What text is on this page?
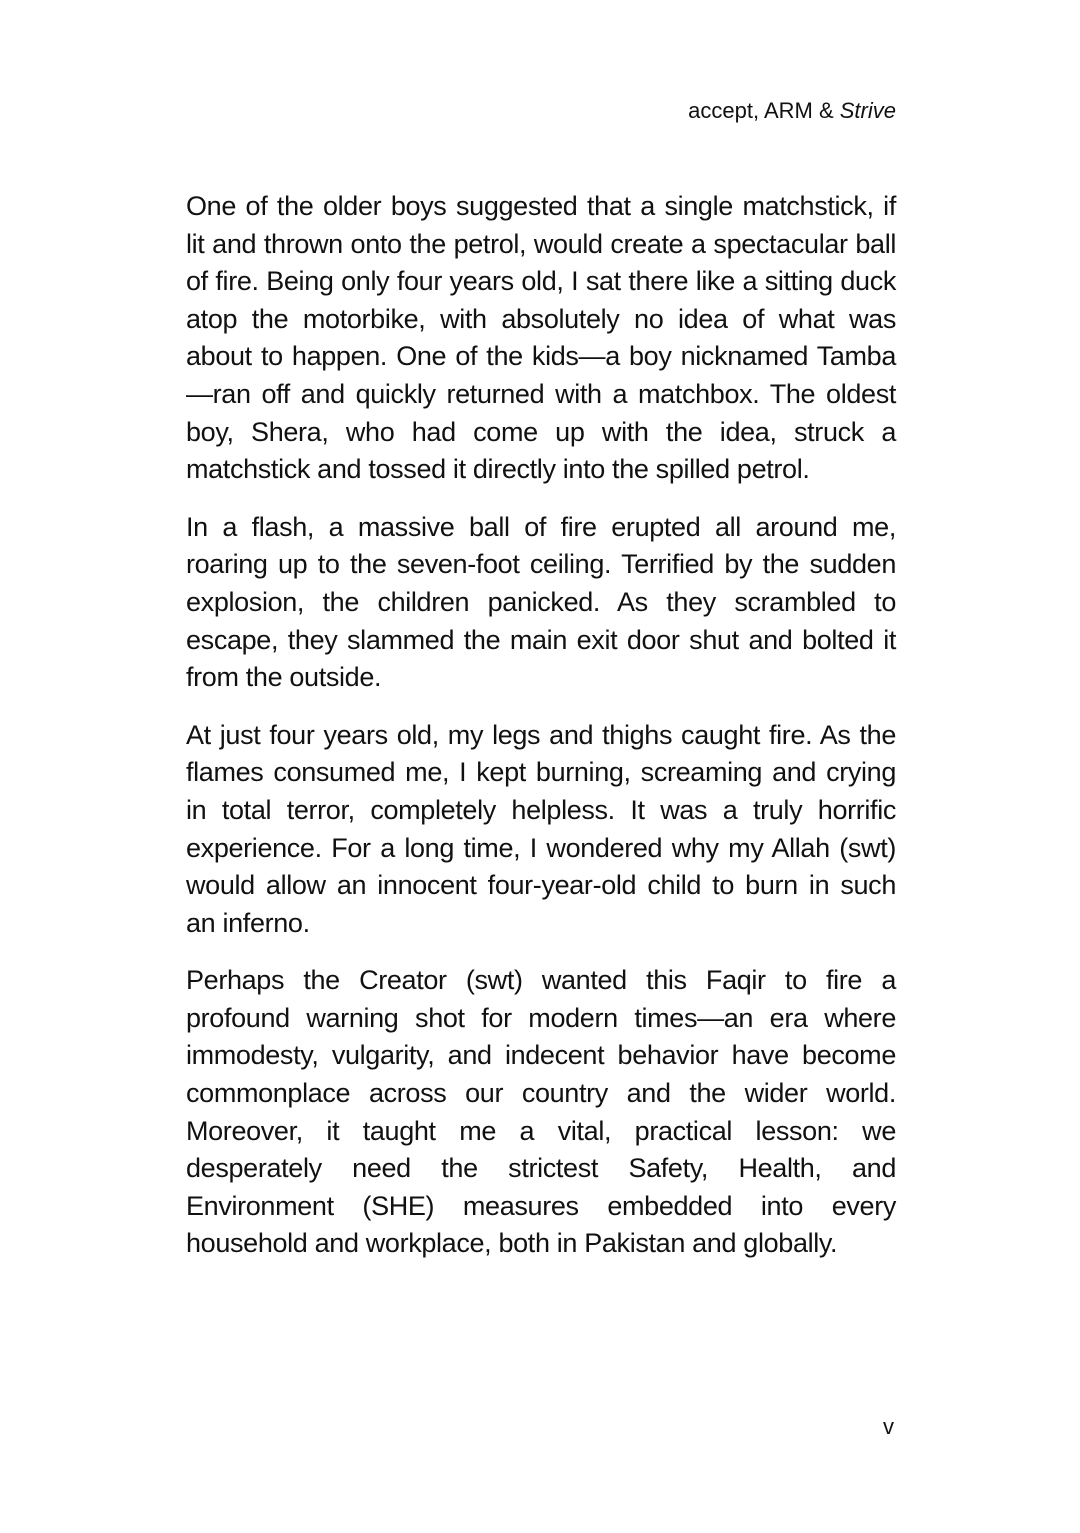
accept, ARM & Strive

One of the older boys suggested that a single matchstick, if lit and thrown onto the petrol, would create a spectacular ball of fire. Being only four years old, I sat there like a sitting duck atop the motorbike, with absolutely no idea of what was about to happen. One of the kids—a boy nicknamed Tamba—ran off and quickly returned with a matchbox. The oldest boy, Shera, who had come up with the idea, struck a matchstick and tossed it directly into the spilled petrol.

In a flash, a massive ball of fire erupted all around me, roaring up to the seven-foot ceiling. Terrified by the sudden explosion, the children panicked. As they scrambled to escape, they slammed the main exit door shut and bolted it from the outside.

At just four years old, my legs and thighs caught fire. As the flames consumed me, I kept burning, screaming and crying in total terror, completely helpless. It was a truly horrific experience. For a long time, I wondered why my Allah (swt) would allow an innocent four-year-old child to burn in such an inferno.

Perhaps the Creator (swt) wanted this Faqir to fire a profound warning shot for modern times—an era where immodesty, vulgarity, and indecent behavior have become commonplace across our country and the wider world. Moreover, it taught me a vital, practical lesson: we desperately need the strictest Safety, Health, and Environment (SHE) measures embedded into every household and workplace, both in Pakistan and globally.

v
